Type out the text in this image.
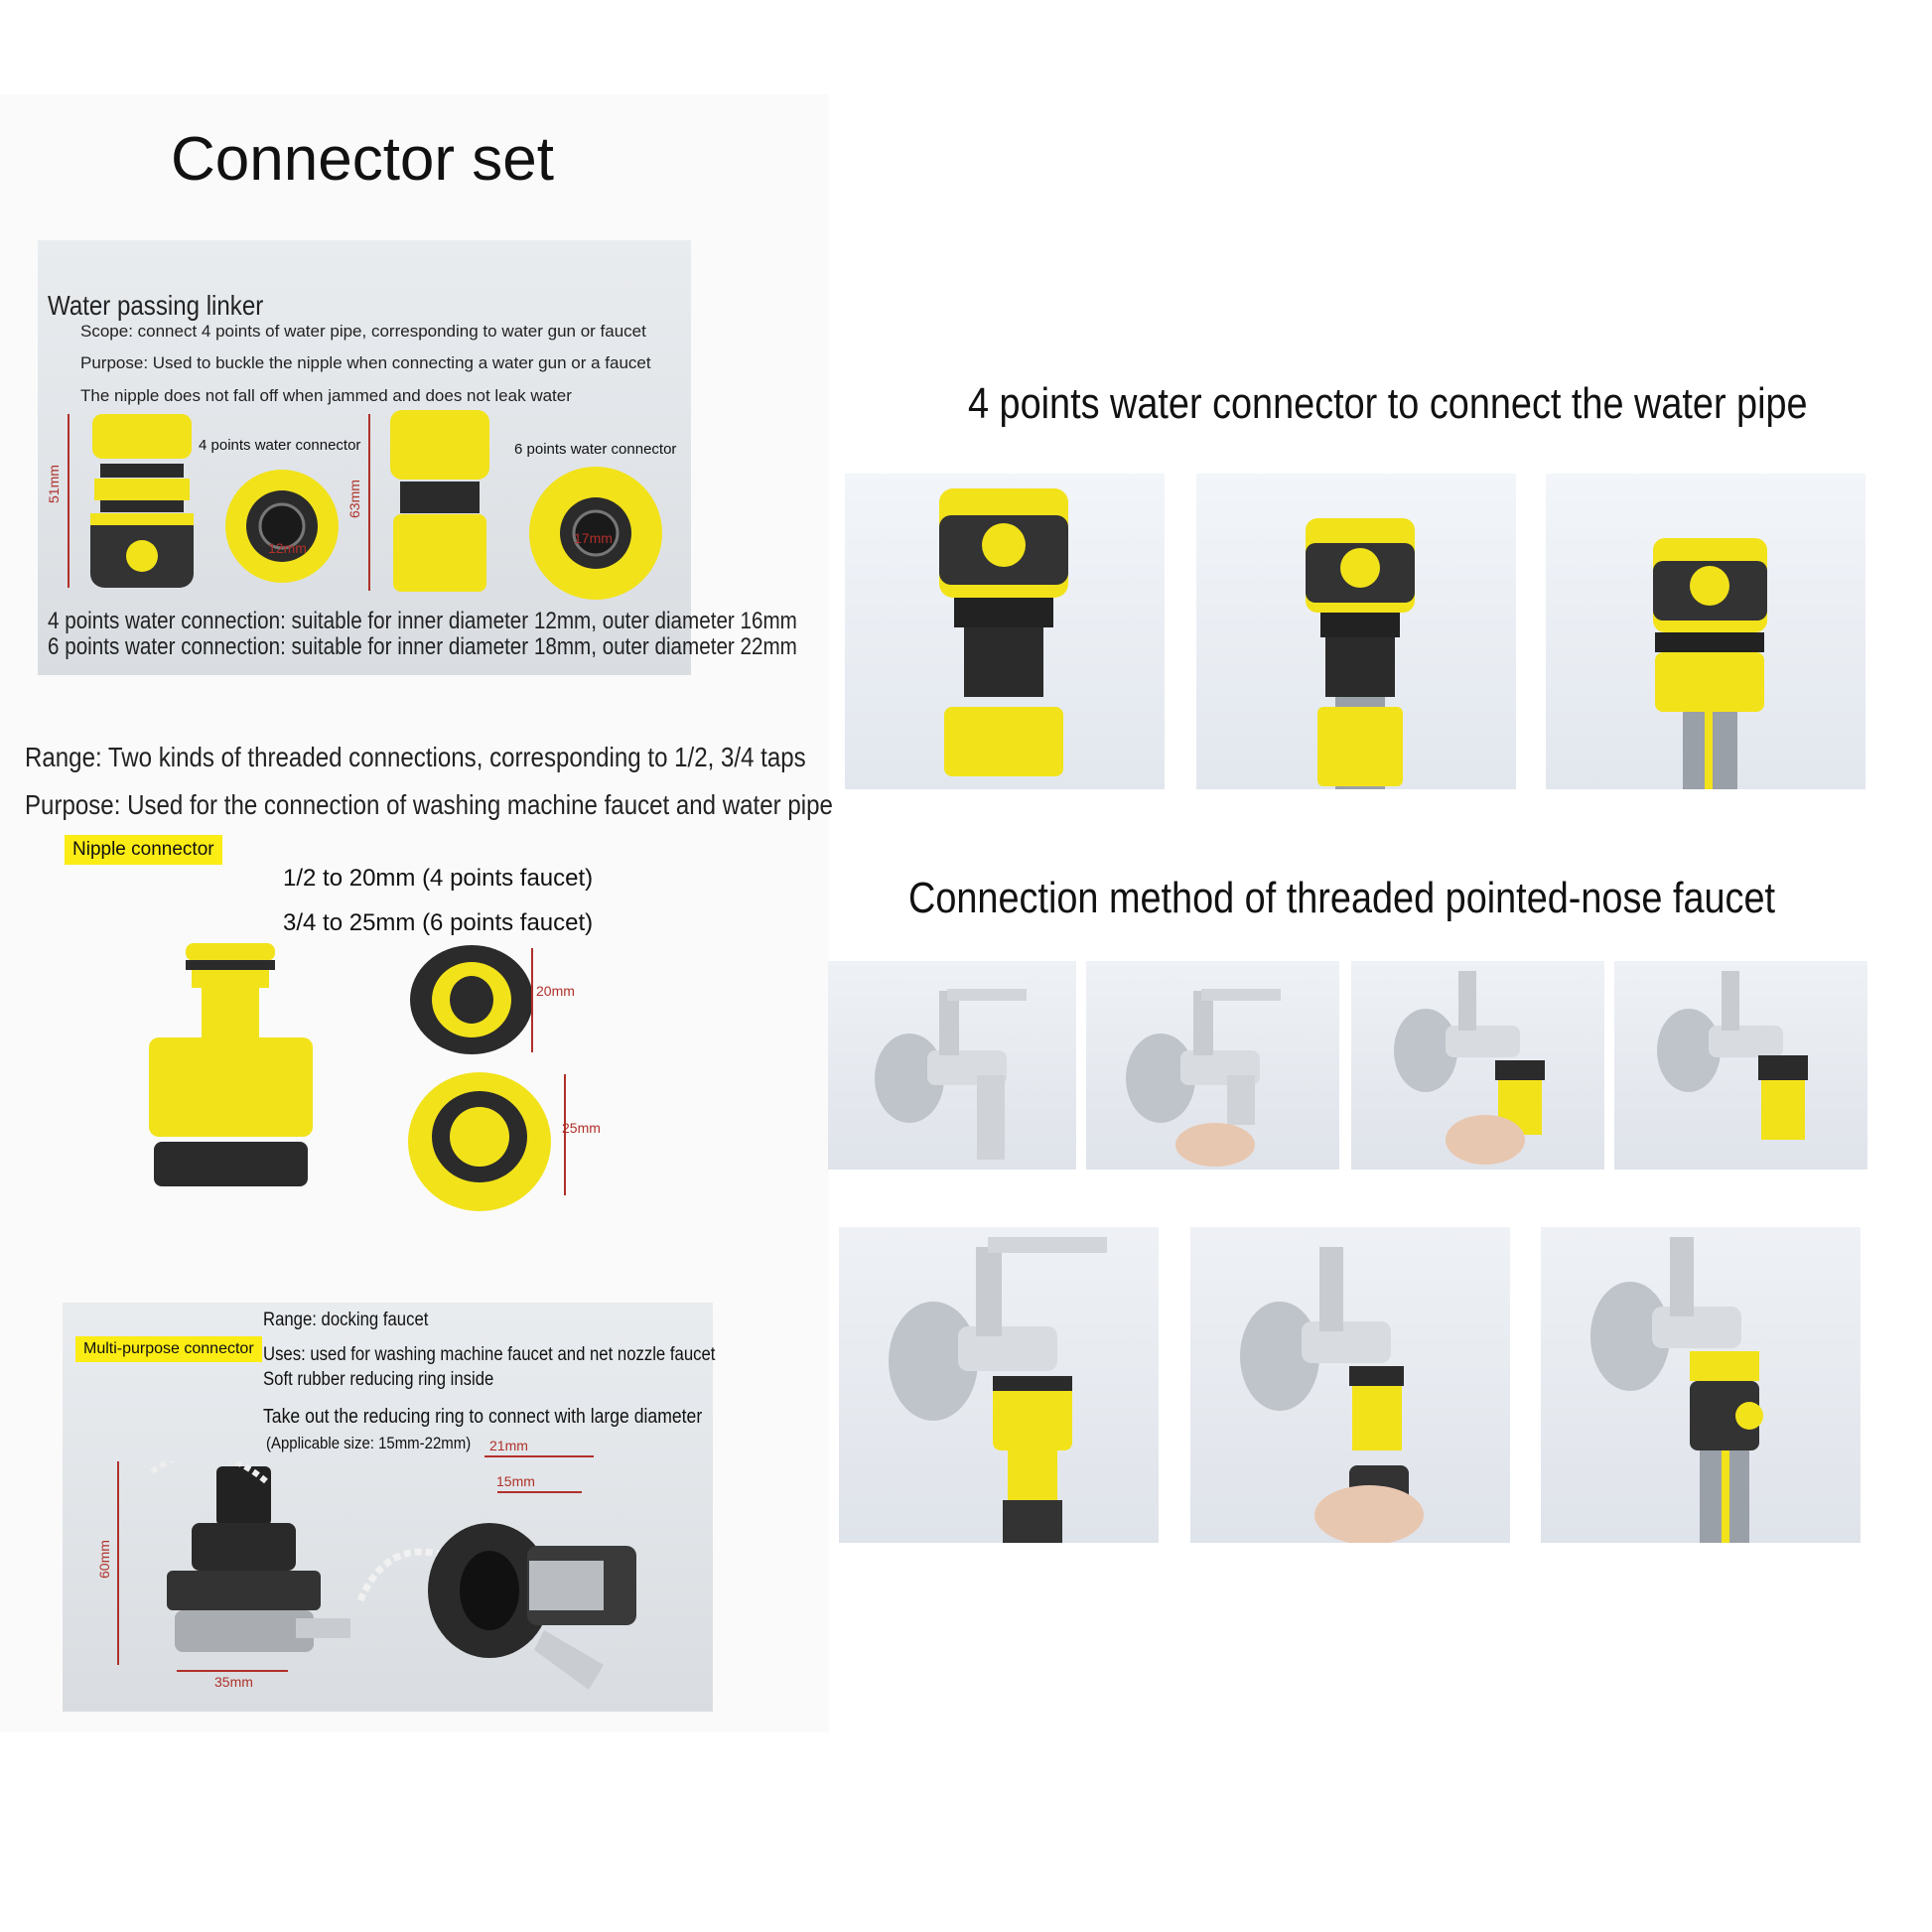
Connector set
Water passing linker
Scope: connect 4 points of water pipe, corresponding to water gun or faucet
Purpose: Used to buckle the nipple when connecting a water gun or a faucet
The nipple does not fall off when jammed and does not leak water
51mm
4 points water connector
12mm
63mm
6 points water connector
17mm
4 points water connection: suitable for inner diameter 12mm, outer diameter 16mm
6 points water connection: suitable for inner diameter 18mm, outer diameter 22mm
Range: Two kinds of threaded connections, corresponding to 1/2, 3/4 taps
Purpose: Used for the connection of washing machine faucet and water pipe
Nipple connector
1/2 to 20mm (4 points faucet)
3/4 to 25mm (6 points faucet)
20mm
25mm
Multi-purpose connector
Range: docking faucet
Uses: used for washing machine faucet and net nozzle faucet
Soft rubber reducing ring inside
Take out the reducing ring to connect with large diameter
(Applicable size: 15mm-22mm)
60mm
35mm
21mm
15mm
4 points water connector to connect the water pipe
Connection method of threaded pointed-nose faucet
